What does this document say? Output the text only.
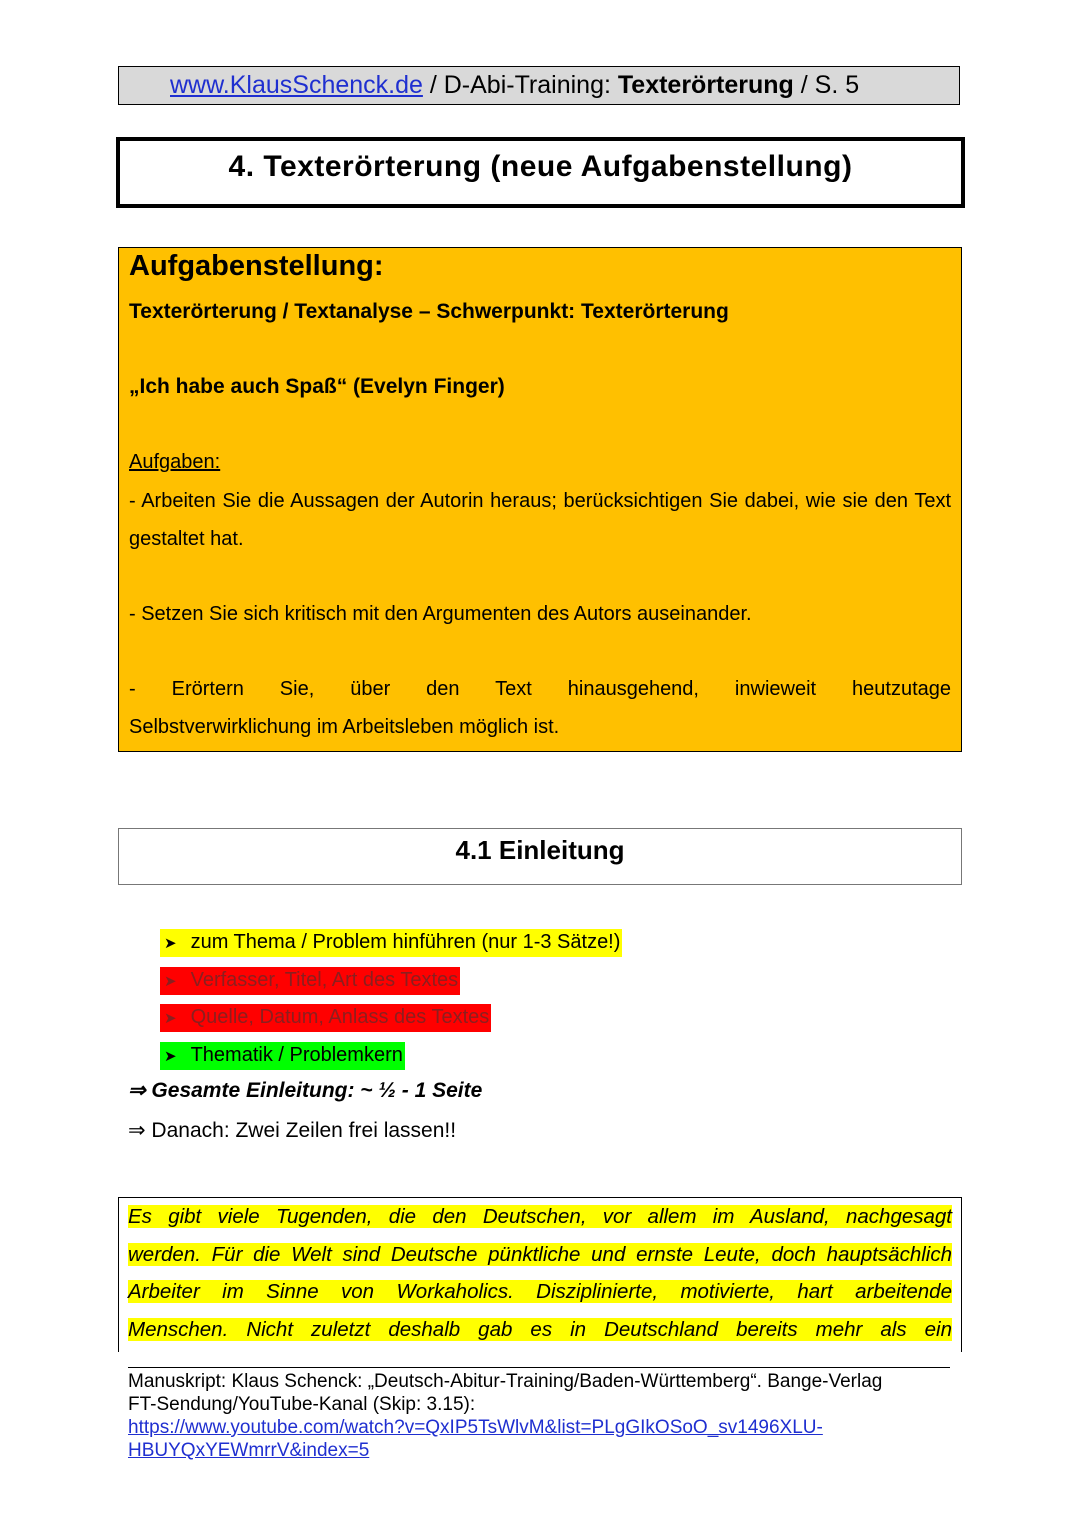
www.KlausSchenck.de / D-Abi-Training: Texterörterung / S. 5
4. Texterörterung (neue Aufgabenstellung)
Aufgabenstellung:
Texterörterung / Textanalyse – Schwerpunkt: Texterörterung
„Ich habe auch Spaß“ (Evelyn Finger)
Aufgaben:
- Arbeiten Sie die Aussagen der Autorin heraus; berücksichtigen Sie dabei, wie sie den Text gestaltet hat.
- Setzen Sie sich kritisch mit den Argumenten des Autors auseinander.
- Erörtern Sie, über den Text hinausgehend, inwieweit heutzutage
Selbstverwirklichung im Arbeitsleben möglich ist.
4.1 Einleitung
➤ zum Thema / Problem hinführen (nur 1-3 Sätze!)
➤ Verfasser, Titel, Art des Textes
➤ Quelle, Datum, Anlass des Textes
➤ Thematik / Problemkern
⇒ Gesamte Einleitung: ~ ½ - 1 Seite
⇒ Danach: Zwei Zeilen frei lassen!!
Es gibt viele Tugenden, die den Deutschen, vor allem im Ausland, nachgesagt
werden. Für die Welt sind Deutsche pünktliche und ernste Leute, doch hauptsächlich
Arbeiter im Sinne von Workaholics. Disziplinierte, motivierte, hart arbeitende
Menschen. Nicht zuletzt deshalb gab es in Deutschland bereits mehr als ein
Manuskript: Klaus Schenck: „Deutsch-Abitur-Training/Baden-Württemberg“. Bange-Verlag
FT-Sendung/YouTube-Kanal (Skip: 3.15):
https://www.youtube.com/watch?v=QxIP5TsWlvM&list=PLgGIkOSoO_sv1496XLU-
HBUYQxYEWmrrV&index=5
